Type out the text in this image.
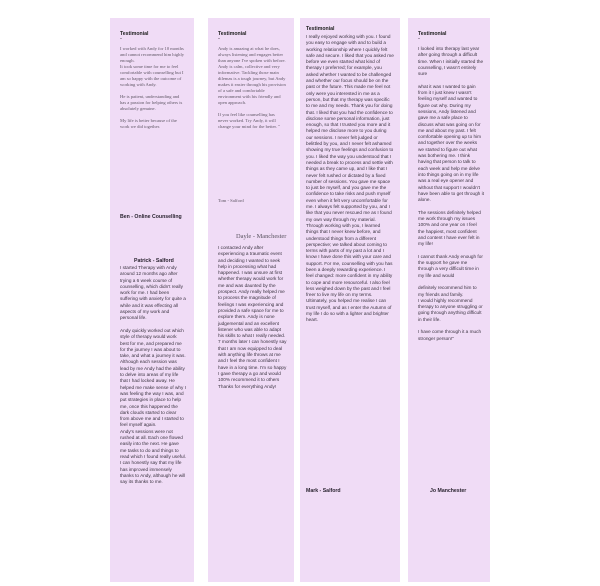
Testimonial

"

I worked with Andy for 10 months and cannot recommend him highly enough.
It took some time for me to feel comfortable with counselling but I am so happy with the outcome of working with Andy.

He is patient, understanding and has a passion for helping others is absolutely genuine.

My life is better because of the work we did together.

Ben - Online Counselling

Patrick - Salford

I started Therapy with Andy around 12 months ago after trying a 6 week course of counselling, which didn't really work for me. I had been suffering with anxiety for quite a while and it was effecting all aspects of my work and personal life.

Andy quickly worked out which style of therapy would work best for me, and prepared me for the journey I was about to take, and what a journey it was. Although each session was lead by me Andy had the ability to delve into areas of my life that I had locked away. He helped me make sense of why I was feeling the way I was, and put strategies in place to help me, once this happened the dark clouds started to clear from above me and I started to feel myself again.
Andy's sessions were not rushed at all. Each one flowed easily into the next. He gave me tasks to do and things to read which I found really useful. I can honestly say that my life has improved immensely thanks to Andy, although he will say its thanks to me.

Testimonial

"

Andy is amazing at what he does, always listening and engages better than anyone I've spoken with before.
Andy is calm, collective and very informative. Tackling those main dilemas is a tough journey, but Andy makes it easier through his provision of a safe and comfortable environment with his friendly and open approach.

If you feel like counselling has never worked. Try Andy, it will change your mind for the better. "

Tom - Salford

Dayle - Manchester

I contacted Andy after experiencing a traumatic event and deciding I wanted to seek help in processing what had happened. I was unsure at first whether therapy would work for me and was daunted by the prospect. Andy really helped me to process the magnitude of feelings I was experiencing and provided a safe space for me to explore them. Andy is none judgemental and an excellent listener who was able to adapt his skills to what I really needed. 7 months later I can honestly say that I am now equipped to deal with anything life throws at me and I feel the most confident I have in a long time. I'm so happy I gave therapy a go and would 100% recommend it to others
Thanks for everything Andy!

Testimonial

I really enjoyed working with you. I found you easy to engage with and to build a working relationship where I quickly felt safe and secure. I liked that you asked me before we even started what kind of therapy I preferred; for example, you asked whether I wanted to be challenged and whether our focus should be on the past or the future. This made me feel not only were you interested in me as a person, but that my therapy was specific to me and my needs. Thank you for doing that. I liked that you had the confidence to disclose some personal information, just enough, so that I trusted you more and it helped me disclose more to you during our sessions. I never felt judged or belittled by you, and I never felt ashamed showing my true feelings and confusion to you. I liked the way you understood that I needed a break to process and settle with things as they came up, and I like that I never felt rushed or dictated by a fixed number of sessions. You gave me space to just be myself, and you gave me the confidence to take risks and push myself even when it felt very uncomfortable for me. I always felt supported by you, and I like that you never rescued me as I found my own way through my material. Through working with you, I learned things that I never knew before, and understood things from a different perspective; we talked about coming to terms with parts of my past a lot and I know I have done this with your care and support. For me, counselling with you has been a deeply rewarding experience. I feel changed: more confident in my ability to cope and more resourceful. I also feel less weighed down by the past and I feel freer to live my life on my terms. Ultimately, you helped me realise I can trust myself, and as I enter the Autumn of my life I do so with a lighter and brighter heart.

Mark - Salford

Testimonial

"

I looked into therapy last year after going through a difficult time. When I initially started the counselling, I wasn't entirely sure

what it was I wanted to gain from it I just knew I wasn't feeling myself and wanted to figure out why. During my sessions, Andy listened and gave me a safe place to discuss what was going on for me and about my past. I felt comfortable opening up to him and together over the weeks we started to figure out what was bothering me. I think having that person to talk to each week and help me delve into things going on in my life was a real eye opener and without that support I wouldn't have been able to get through it alone.

The sessions definitely helped me work through my issues 100% and one year on I feel the happiest, most confident and content I have ever felt in my life!

I cannot thank Andy enough for the support he gave me through a very difficult time in my life and would

definitely recommend him to my friends and family.
I would highly recommend therapy to anyone struggling or going through anything difficult in their life.

I have come through it a much stronger person!"

Jo Manchester
